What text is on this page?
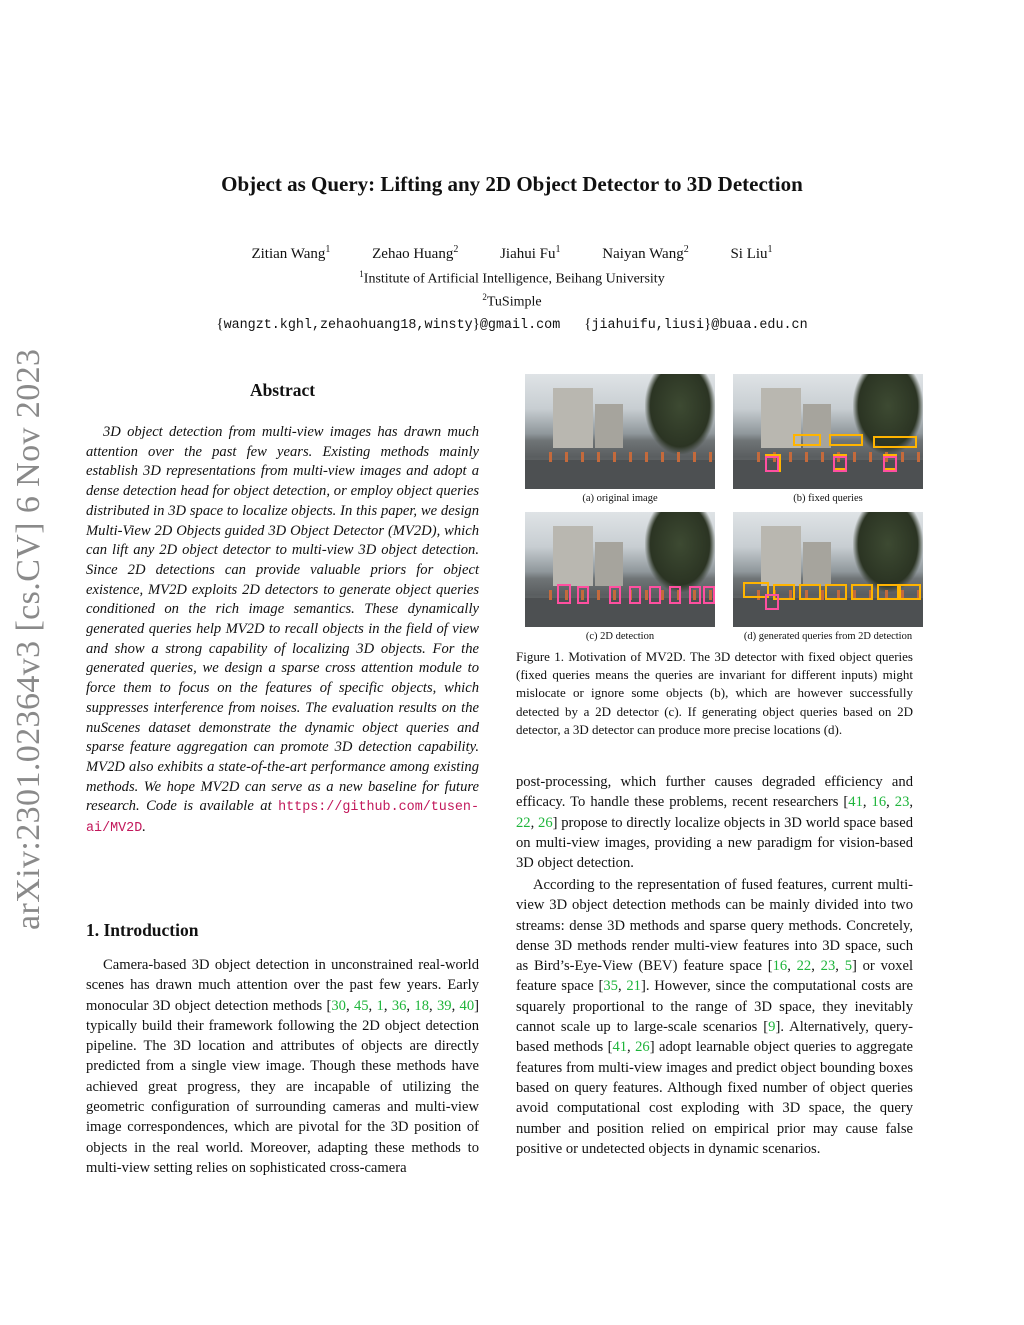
Object as Query: Lifting any 2D Object Detector to 3D Detection
Zitian Wang$^1$	Zehao Huang$^2$	Jiahui Fu$^1$	Naiyan Wang$^2$	Si Liu$^1$
$^1$Institute of Artificial Intelligence, Beihang University
$^2$TuSimple
{wangzt.kghl,zehaohuang18,winsty}@gmail.com {jiahuifu,liusi}@buaa.edu.cn
arXiv:2301.02364v3 [cs.CV] 6 Nov 2023	Abstract

3D object detection from multi-view images has drawn much attention over the past few years. Existing methods mainly establish 3D representations from multi-view images and adopt a dense detection head for object detection, or employ object queries distributed in 3D space to localize objects. In this paper, we design Multi-View 2D Objects guided 3D Object Detector (MV2D), which can lift any 2D object detector to multi-view 3D object detection. Since 2D detections can provide valuable priors for object existence, MV2D exploits 2D detectors to generate object queries conditioned on the rich image semantics. These dynamically generated queries help MV2D to recall objects in the field of view and show a strong capability of localizing 3D objects. For the generated queries, we design a sparse cross attention module to force them to focus on the features of specific objects, which suppresses interference from noises. The evaluation results on the nuScenes dataset demonstrate the dynamic object queries and sparse feature aggregation can promote 3D detection capability. MV2D also exhibits a state-of-the-art performance among existing methods. We hope MV2D can serve as a new baseline for future research. Code is available at https://github.com/tusen-ai/MV2D.

1. Introduction

Camera-based 3D object detection in unconstrained real-world scenes has drawn much attention over the past few years. Early monocular 3D object detection methods [30, 45, 1, 36, 18, 39, 40] typically build their framework following the 2D object detection pipeline. The 3D location and attributes of objects are directly predicted from a single view image. Though these methods have achieved great progress, they are incapable of utilizing the geometric configuration of surrounding cameras and multi-view image correspondences, which are pivotal for the 3D position of objects in the real world. Moreover, adapting these methods to multi-view setting relies on sophisticated cross-camera

(a) original image	(b) fixed queries
(c) 2D detection	(d) generated queries from 2D detection

Figure 1. Motivation of MV2D. The 3D detector with fixed object queries (fixed queries means the queries are invariant for different inputs) might mislocate or ignore some objects (b), which are however successfully detected by a 2D detector (c). If generating object queries based on 2D detector, a 3D detector can produce more precise locations (d).

post-processing, which further causes degraded efficiency and efficacy. To handle these problems, recent researchers [41, 16, 23, 22, 26] propose to directly localize objects in 3D world space based on multi-view images, providing a new paradigm for vision-based 3D object detection.

According to the representation of fused features, current multi-view 3D object detection methods can be mainly divided into two streams: dense 3D methods and sparse query methods. Concretely, dense 3D methods render multi-view features into 3D space, such as Bird’s-Eye-View (BEV) feature space [16, 22, 23, 5] or voxel feature space [35, 21]. However, since the computational costs are squarely proportional to the range of 3D space, they inevitably cannot scale up to large-scale scenarios [9]. Alternatively, query-based methods [41, 26] adopt learnable object queries to aggregate features from multi-view images and predict object bounding boxes based on query features. Although fixed number of object queries avoid computational cost exploding with 3D space, the query number and position relied on empirical prior may cause false positive or undetected objects in dynamic scenarios.
